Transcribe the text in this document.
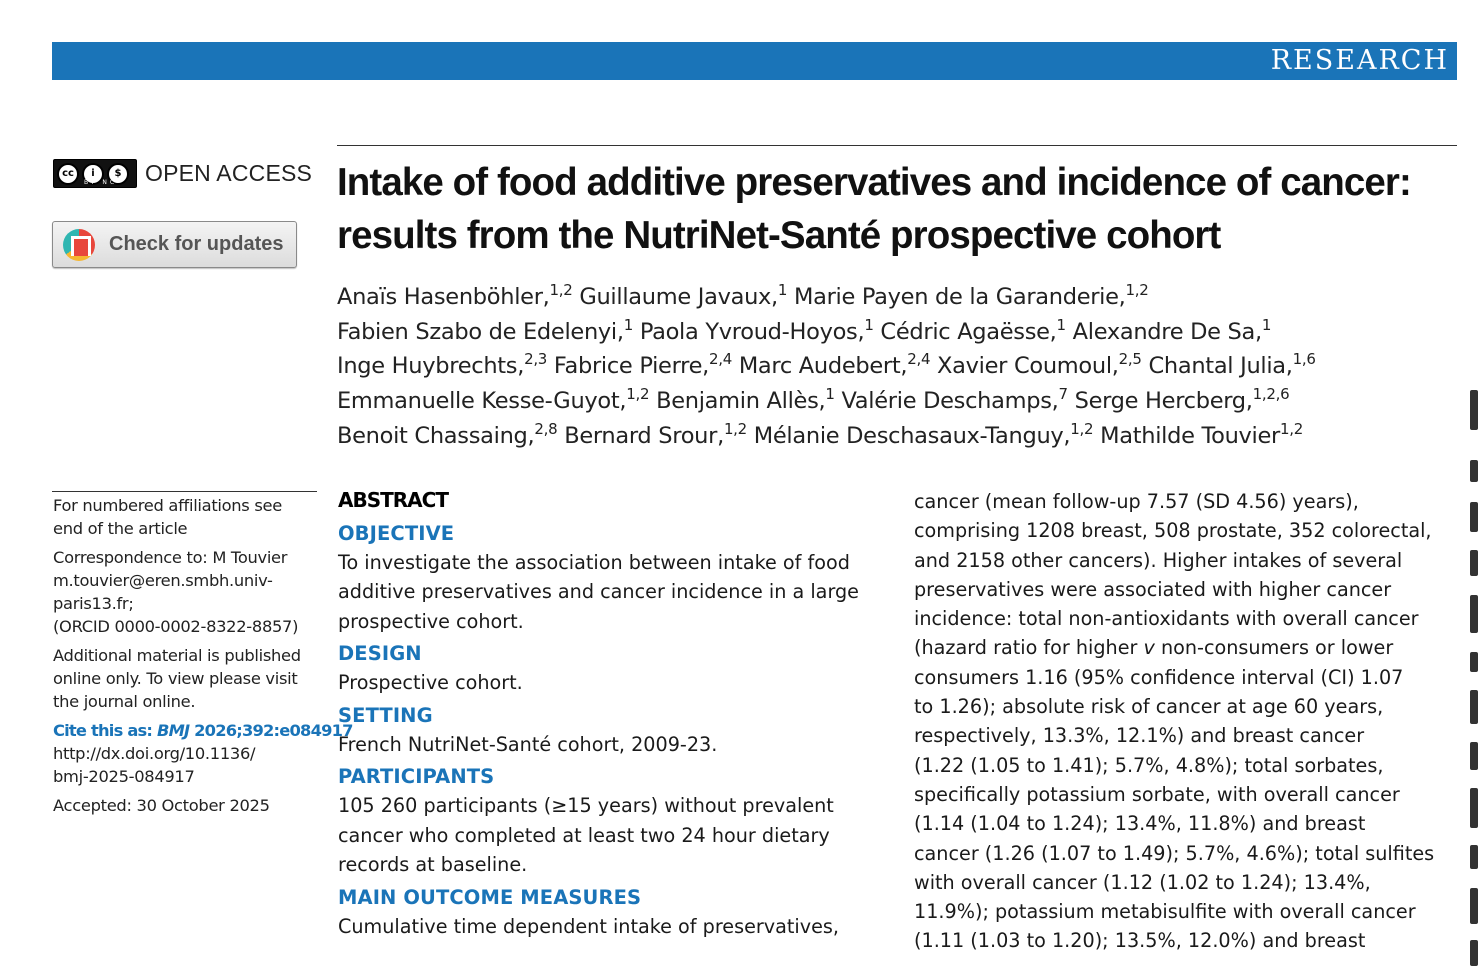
RESEARCH
cc	i	$
BY NC OPEN ACCESS
Check for updates
Intake of food additive preservatives and incidence of cancer:
results from the NutriNet-Santé prospective cohort
Anaïs Hasenböhler,$^{1,2}$ Guillaume Javaux,$^1$ Marie Payen de la Garanderie,$^{1,2}$
Fabien Szabo de Edelenyi,$^1$ Paola Yvroud-Hoyos,$^1$ Cédric Agaësse,$^1$ Alexandre De Sa,$^1$
Inge Huybrechts,$^{2,3}$ Fabrice Pierre,$^{2,4}$ Marc Audebert,$^{2,4}$ Xavier Coumoul,$^{2,5}$ Chantal Julia,$^{1,6}$
Emmanuelle Kesse-Guyot,$^{1,2}$ Benjamin Allès,$^1$ Valérie Deschamps,$^7$ Serge Hercberg,$^{1,2,6}$
Benoit Chassaing,$^{2,8}$ Bernard Srour,$^{1,2}$ Mélanie Deschasaux-Tanguy,$^{1,2}$ Mathilde Touvier$^{1,2}$

For numbered affiliations see
end of the article

Correspondence to: M Touvier
m.touvier@eren.smbh.univ-
paris13.fr;
(ORCID 0000-0002-8322-8857)

Additional material is published
online only. To view please visit
the journal online.

Cite this as: BMJ 2026;392:e084917
http://dx.doi.org/10.1136/
bmj-2025-084917

Accepted: 30 October 2025

ABSTRACT
OBJECTIVE
To investigate the association between intake of food
additive preservatives and cancer incidence in a large
prospective cohort.
DESIGN
Prospective cohort.
SETTING
French NutriNet-Santé cohort, 2009-23.
PARTICIPANTS
105 260 participants (≥15 years) without prevalent
cancer who completed at least two 24 hour dietary
records at baseline.
MAIN OUTCOME MEASURES
Cumulative time dependent intake of preservatives,
cancer (mean follow-up 7.57 (SD 4.56) years),
comprising 1208 breast, 508 prostate, 352 colorectal,
and 2158 other cancers). Higher intakes of several
preservatives were associated with higher cancer
incidence: total non-antioxidants with overall cancer
(hazard ratio for higher v non-consumers or lower
consumers 1.16 (95% confidence interval (CI) 1.07
to 1.26); absolute risk of cancer at age 60 years,
respectively, 13.3%, 12.1%) and breast cancer
(1.22 (1.05 to 1.41); 5.7%, 4.8%); total sorbates,
specifically potassium sorbate, with overall cancer
(1.14 (1.04 to 1.24); 13.4%, 11.8%) and breast
cancer (1.26 (1.07 to 1.49); 5.7%, 4.6%); total sulfites
with overall cancer (1.12 (1.02 to 1.24); 13.4%,
11.9%); potassium metabisulfite with overall cancer
(1.11 (1.03 to 1.20); 13.5%, 12.0%) and breast
